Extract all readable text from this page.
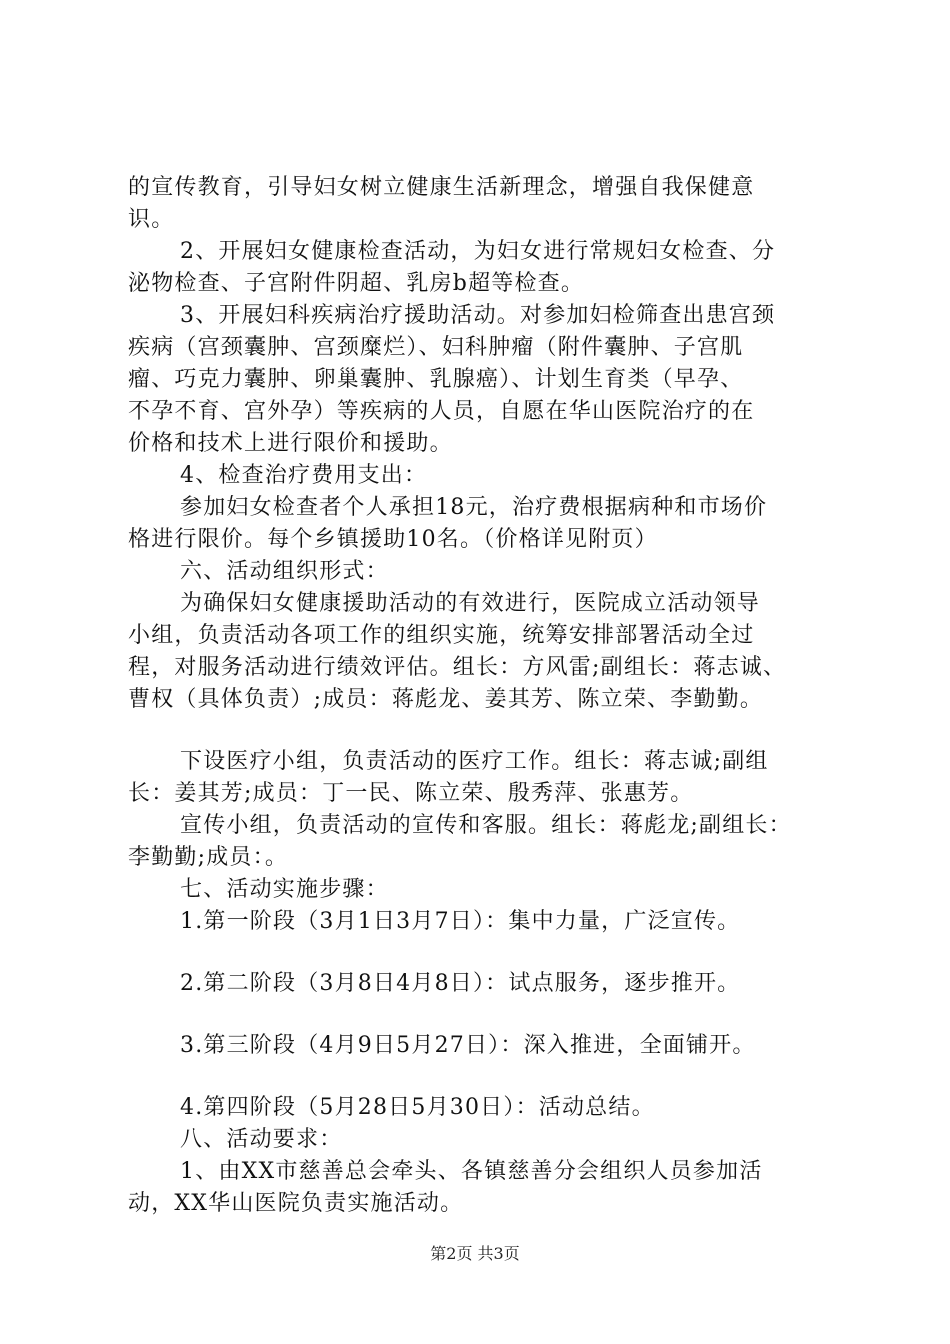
的宣传教育，引导妇女树立健康生活新理念，增强自我保健意
识。
2、开展妇女健康检查活动，为妇女进行常规妇女检查、分
泌物检查、子宫附件阴超、乳房b超等检查。
3、开展妇科疾病治疗援助活动。对参加妇检筛查出患宫颈
疾病（宫颈囊肿、宫颈糜烂）、妇科肿瘤（附件囊肿、子宫肌
瘤、巧克力囊肿、卵巢囊肿、乳腺癌）、计划生育类（早孕、
不孕不育、宫外孕）等疾病的人员，自愿在华山医院治疗的在
价格和技术上进行限价和援助。
4、检查治疗费用支出：
参加妇女检查者个人承担18元，治疗费根据病种和市场价
格进行限价。每个乡镇援助10名。（价格详见附页）
六、活动组织形式：
为确保妇女健康援助活动的有效进行，医院成立活动领导
小组，负责活动各项工作的组织实施，统筹安排部署活动全过
程，对服务活动进行绩效评估。组长：方风雷;副组长：蒋志诚、
曹权（具体负责）;成员：蒋彪龙、姜其芳、陈立荣、李勤勤。
下设医疗小组，负责活动的医疗工作。组长：蒋志诚;副组
长：姜其芳;成员：丁一民、陈立荣、殷秀萍、张惠芳。
宣传小组，负责活动的宣传和客服。组长：蒋彪龙;副组长：
李勤勤;成员：。
七、活动实施步骤：
1.第一阶段（3月1日3月7日）：集中力量，广泛宣传。
2.第二阶段（3月8日4月8日）：试点服务，逐步推开。
3.第三阶段（4月9日5月27日）：深入推进，全面铺开。
4.第四阶段（5月28日5月30日）：活动总结。
八、活动要求：
1、由XX市慈善总会牵头、各镇慈善分会组织人员参加活
动，XX华山医院负责实施活动。
第2页 共3页
